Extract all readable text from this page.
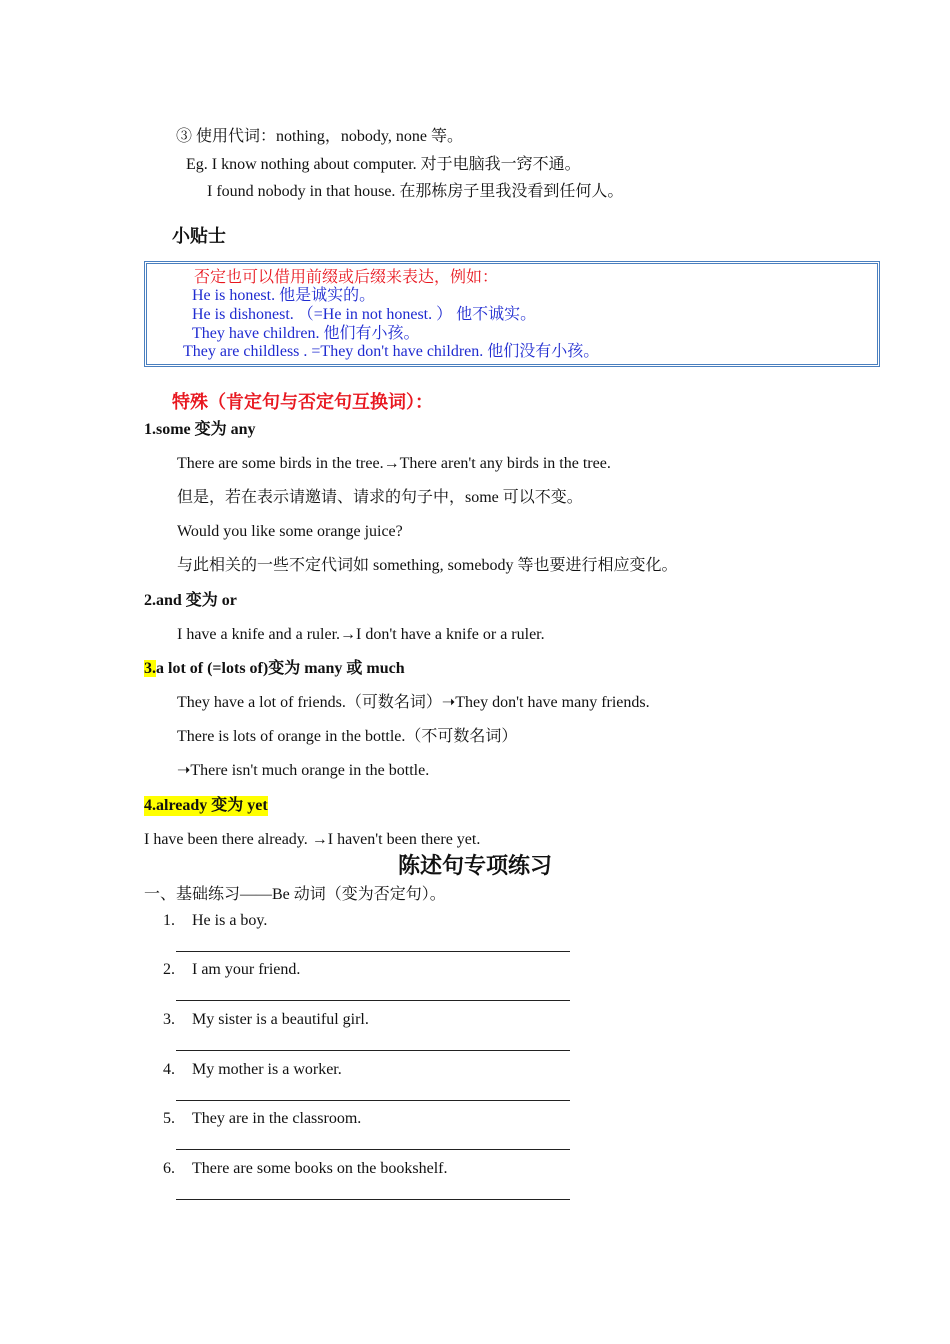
③ 使用代词：nothing，nobody, none 等。
Eg. I know nothing about computer. 对于电脑我一窍不通。
I found nobody in that house. 在那栋房子里我没看到任何人。
小贴士
否定也可以借用前缀或后缀来表达，例如：
He is honest. 他是诚实的。
He is dishonest. （=He in not honest. ） 他不诚实。
They have children. 他们有小孩。
They are childless . =They don't have children. 他们没有小孩。
特殊（肯定句与否定句互换词）：
1.some 变为 any
There are some birds in the tree.→There aren't any birds in the tree.
但是，若在表示请邀请、请求的句子中，some 可以不变。
Would you like some orange juice?
与此相关的一些不定代词如 something, somebody 等也要进行相应变化。
2.and 变为 or
I have a knife and a ruler.→I don't have a knife or a ruler.
3.a lot of (=lots of)变为 many 或 much
They have a lot of friends.（可数名词）➝They don't have many friends.
There is lots of orange in the bottle.（不可数名词）
➝There isn't much orange in the bottle.
4.already 变为 yet
I have been there already. →I haven't been there yet.
陈述句专项练习
一、基础练习——Be 动词（变为否定句）。
1. He is a boy.
2. I am your friend.
3. My sister is a beautiful girl.
4. My mother is a worker.
5. They are in the classroom.
6. There are some books on the bookshelf.
